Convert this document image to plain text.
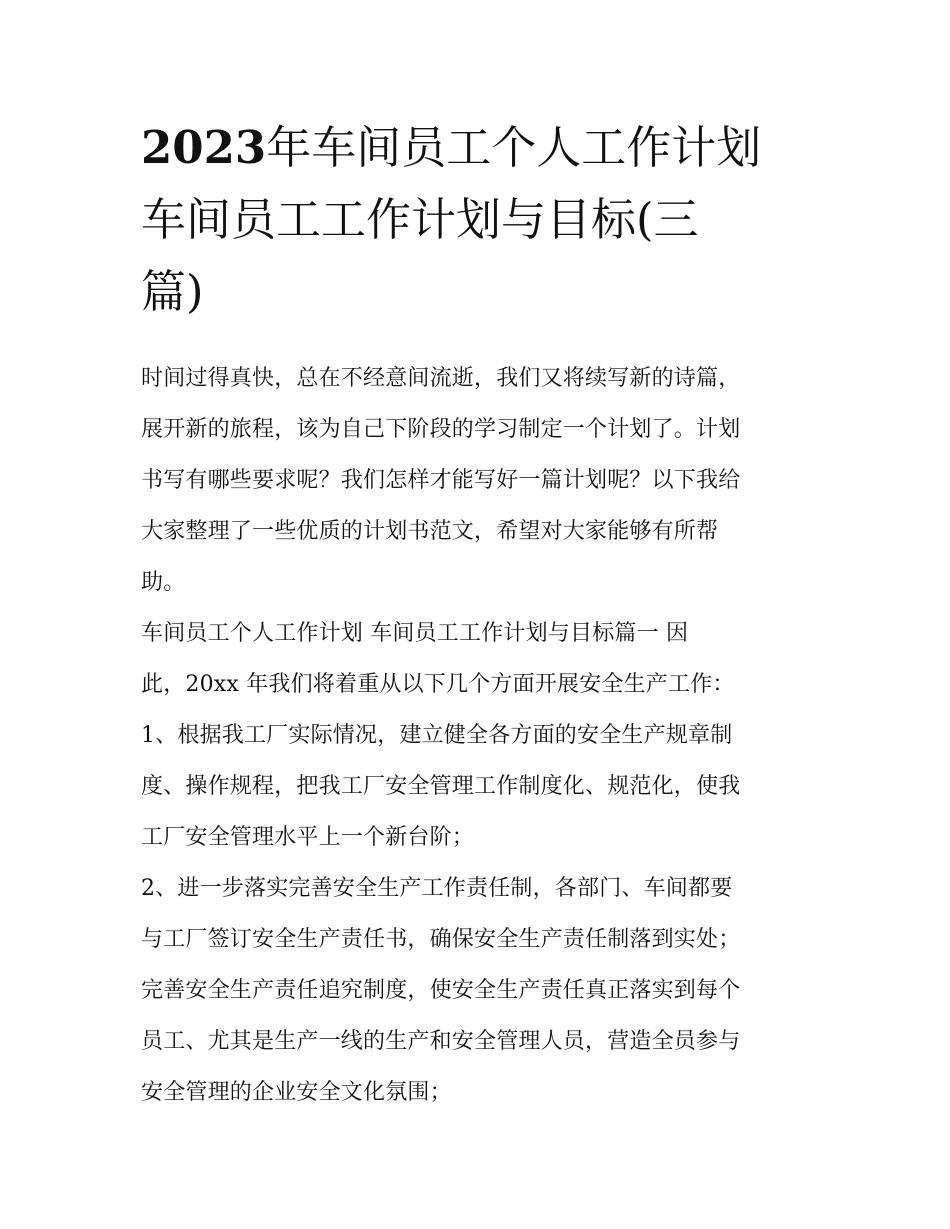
2023年车间员工个人工作计划
车间员工工作计划与目标(三
篇)
时间过得真快，总在不经意间流逝，我们又将续写新的诗篇，
展开新的旅程，该为自己下阶段的学习制定一个计划了。计划
书写有哪些要求呢？我们怎样才能写好一篇计划呢？以下我给
大家整理了一些优质的计划书范文，希望对大家能够有所帮
助。
车间员工个人工作计划 车间员工工作计划与目标篇一 因
此，20xx 年我们将着重从以下几个方面开展安全生产工作：
1、根据我工厂实际情况，建立健全各方面的安全生产规章制
度、操作规程，把我工厂安全管理工作制度化、规范化，使我
工厂安全管理水平上一个新台阶；
2、进一步落实完善安全生产工作责任制，各部门、车间都要
与工厂签订安全生产责任书，确保安全生产责任制落到实处；
完善安全生产责任追究制度，使安全生产责任真正落实到每个
员工、尤其是生产一线的生产和安全管理人员，营造全员参与
安全管理的企业安全文化氛围；
